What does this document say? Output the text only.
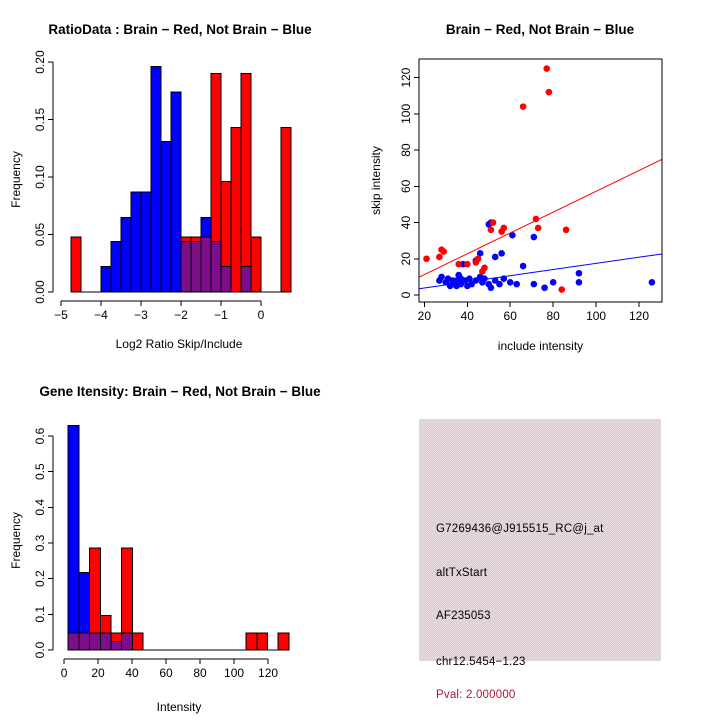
−5 −4 −3 −2 −1 0
0.00
0.05
0.10
0.15
0.20
RatioData : Brain − Red, Not Brain − Blue
Log2 Ratio Skip/Include
Frequency
20 40 60 80 100 120
0
20
40
60
80
100
120
Brain − Red, Not Brain − Blue
include intensity
skip intensity
0 20 40 60 80 100 120
0.0
0.1
0.2
0.3
0.4
0.5
0.6
Gene Itensity: Brain − Red, Not Brain − Blue
Intensity
Frequency	G7269436@J915515_RC@j_at
altTxStart
AF235053
chr12.5454−1.23
Pval: 2.000000
